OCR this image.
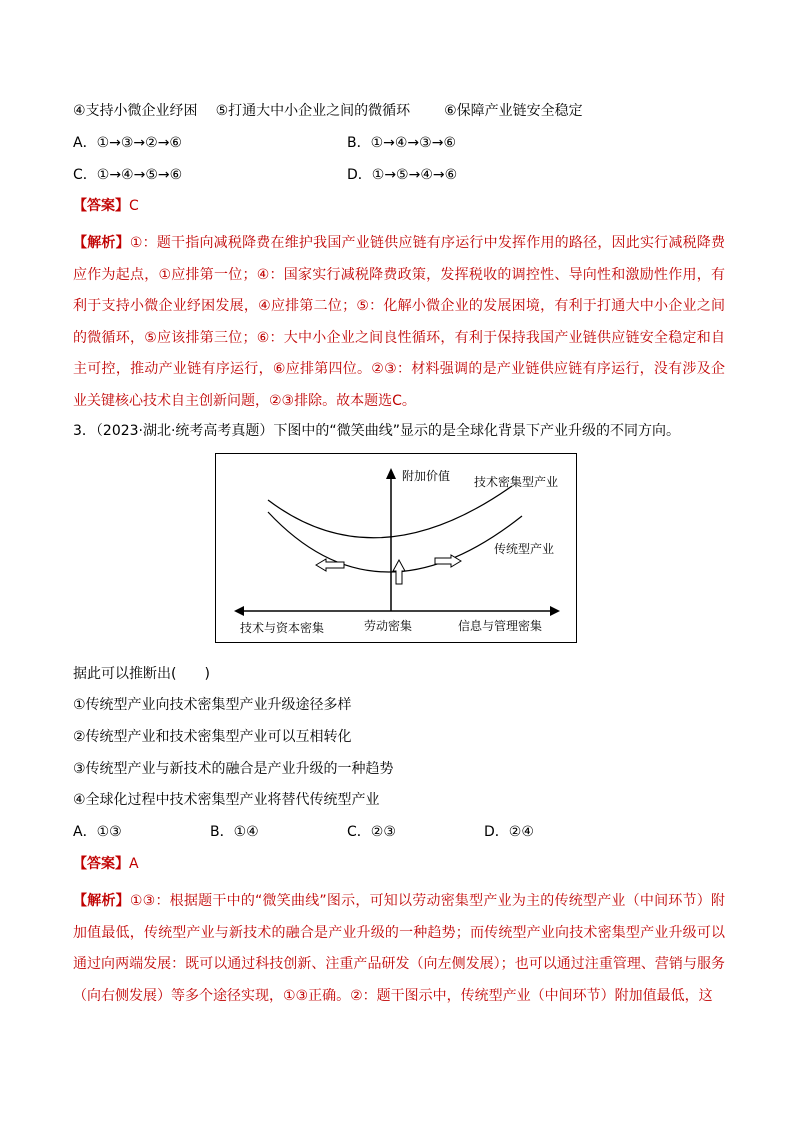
④支持小微企业纾困 ⑤打通大中小企业之间的微循环 ⑥保障产业链安全稳定
A．①→③→②→⑥	B．①→④→③→⑥
C．①→④→⑤→⑥	D．①→⑤→④→⑥
【答案】C
【解析】①：题干指向减税降费在维护我国产业链供应链有序运行中发挥作用的路径，因此实行减税降费应作为起点，①应排第一位；④：国家实行减税降费政策，发挥税收的调控性、导向性和激励性作用，有利于支持小微企业纾困发展，④应排第二位；⑤：化解小微企业的发展困境，有利于打通大中小企业之间的微循环，⑤应该排第三位；⑥：大中小企业之间良性循环，有利于保持我国产业链供应链安全稳定和自主可控，推动产业链有序运行，⑥应排第四位。②③：材料强调的是产业链供应链有序运行，没有涉及企业关键核心技术自主创新问题，②③排除。故本题选C。
3．（2023·湖北·统考高考真题）下图中的“微笑曲线”显示的是全球化背景下产业升级的不同方向。
附加价值 技术密集型产业
传统型产业
技术与资本密集	劳动密集	信息与管理密集
据此可以推断出(　　)
①传统型产业向技术密集型产业升级途径多样
②传统型产业和技术密集型产业可以互相转化
③传统型产业与新技术的融合是产业升级的一种趋势
④全球化过程中技术密集型产业将替代传统型产业
A．①③	B．①④	C．②③	D．②④
【答案】A
【解析】①③：根据题干中的“微笑曲线”图示，可知以劳动密集型产业为主的传统型产业（中间环节）附加值最低，传统型产业与新技术的融合是产业升级的一种趋势；而传统型产业向技术密集型产业升级可以通过向两端发展：既可以通过科技创新、注重产品研发（向左侧发展）；也可以通过注重管理、营销与服务（向右侧发展）等多个途径实现，①③正确。②：题干图示中，传统型产业（中间环节）附加值最低，这
